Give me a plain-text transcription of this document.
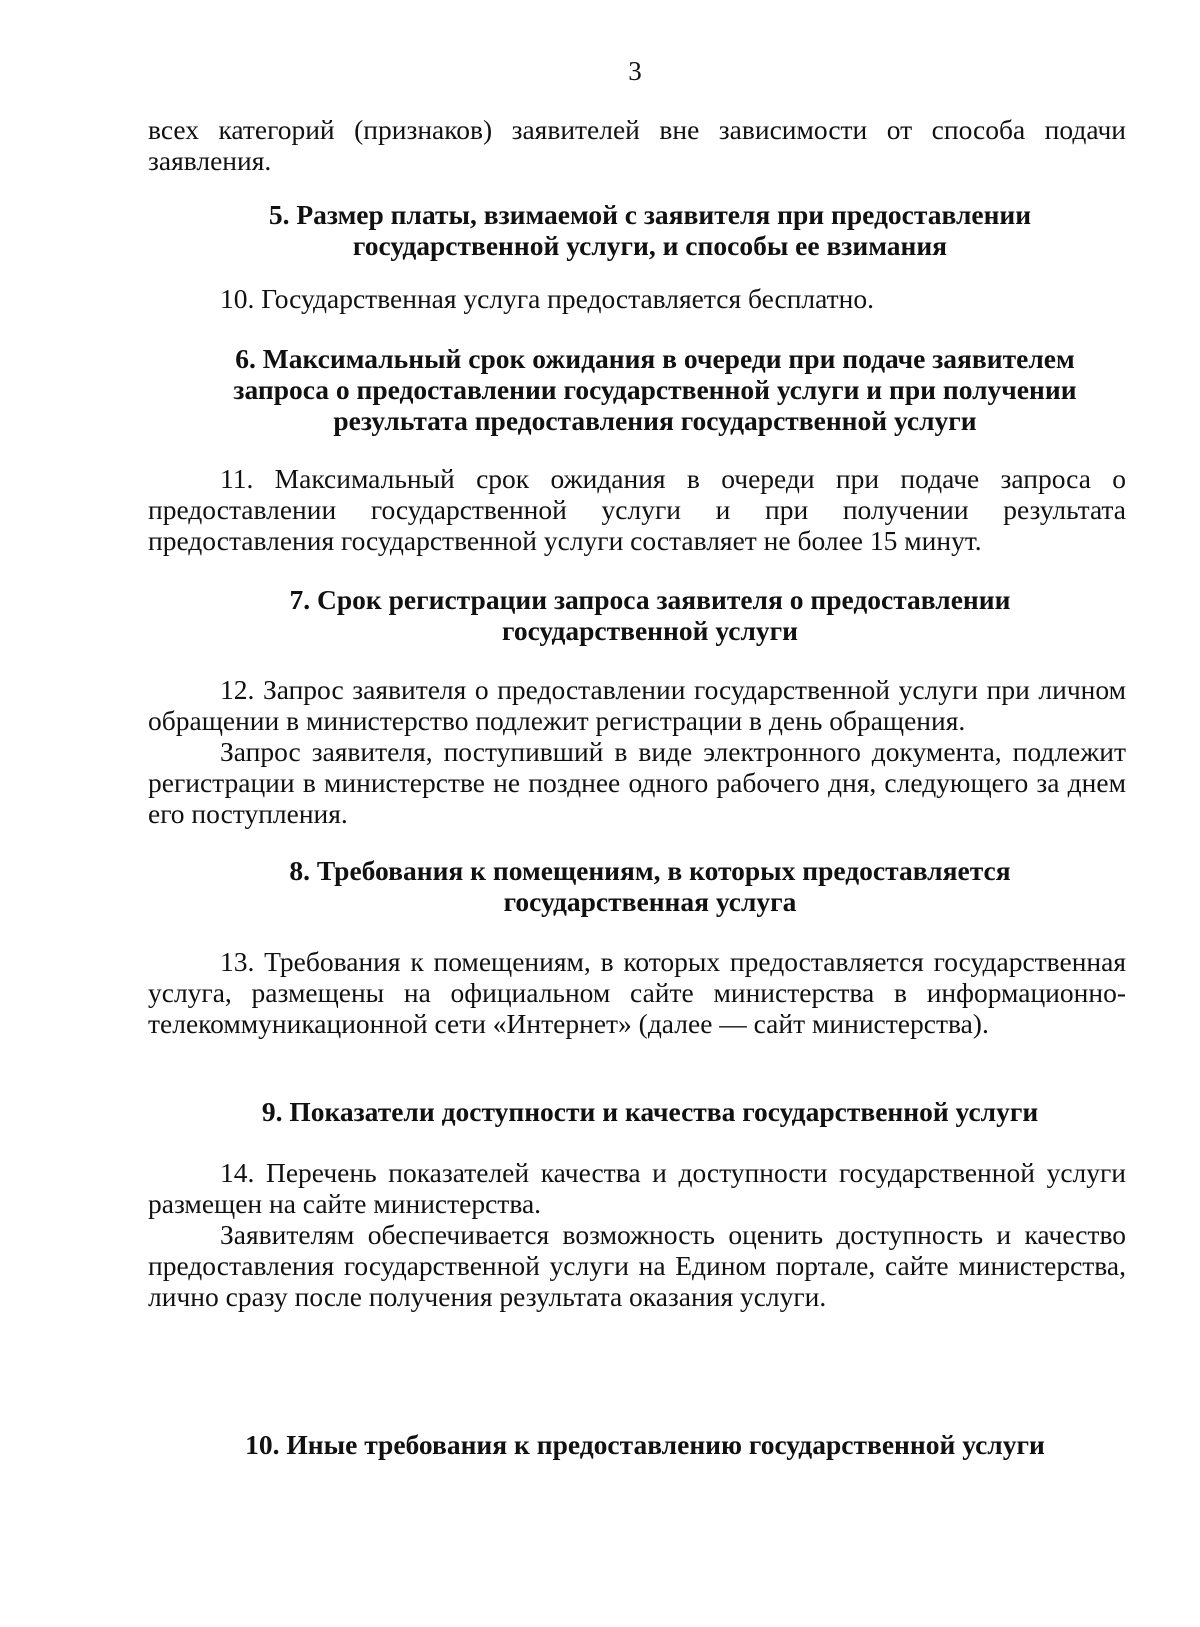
3

всех категорий (признаков) заявителей вне зависимости от способа подачи заявления.

5. Размер платы, взимаемой с заявителя при предоставлении
государственной услуги, и способы ее взимания

10. Государственная услуга предоставляется бесплатно.

6. Максимальный срок ожидания в очереди при подаче заявителем
запроса о предоставлении государственной услуги и при получении
результата предоставления государственной услуги

11. Максимальный срок ожидания в очереди при подаче запроса о предоставлении государственной услуги и при получении результата предоставления государственной услуги составляет не более 15 минут.

7. Срок регистрации запроса заявителя о предоставлении
государственной услуги

12. Запрос заявителя о предоставлении государственной услуги при личном обращении в министерство подлежит регистрации в день обращения.

Запрос заявителя, поступивший в виде электронного документа, подлежит регистрации в министерстве не позднее одного рабочего дня, следующего за днем его поступления.

8. Требования к помещениям, в которых предоставляется
государственная услуга

13. Требования к помещениям, в которых предоставляется государственная услуга, размещены на официальном сайте министерства в информационно-телекоммуникационной сети «Интернет» (далее — сайт министерства).

9. Показатели доступности и качества государственной услуги

14. Перечень показателей качества и доступности государственной услуги размещен на сайте министерства.

Заявителям обеспечивается возможность оценить доступность и качество предоставления государственной услуги на Едином портале, сайте министерства, лично сразу после получения результата оказания услуги.

10. Иные требования к предоставлению государственной услуги
